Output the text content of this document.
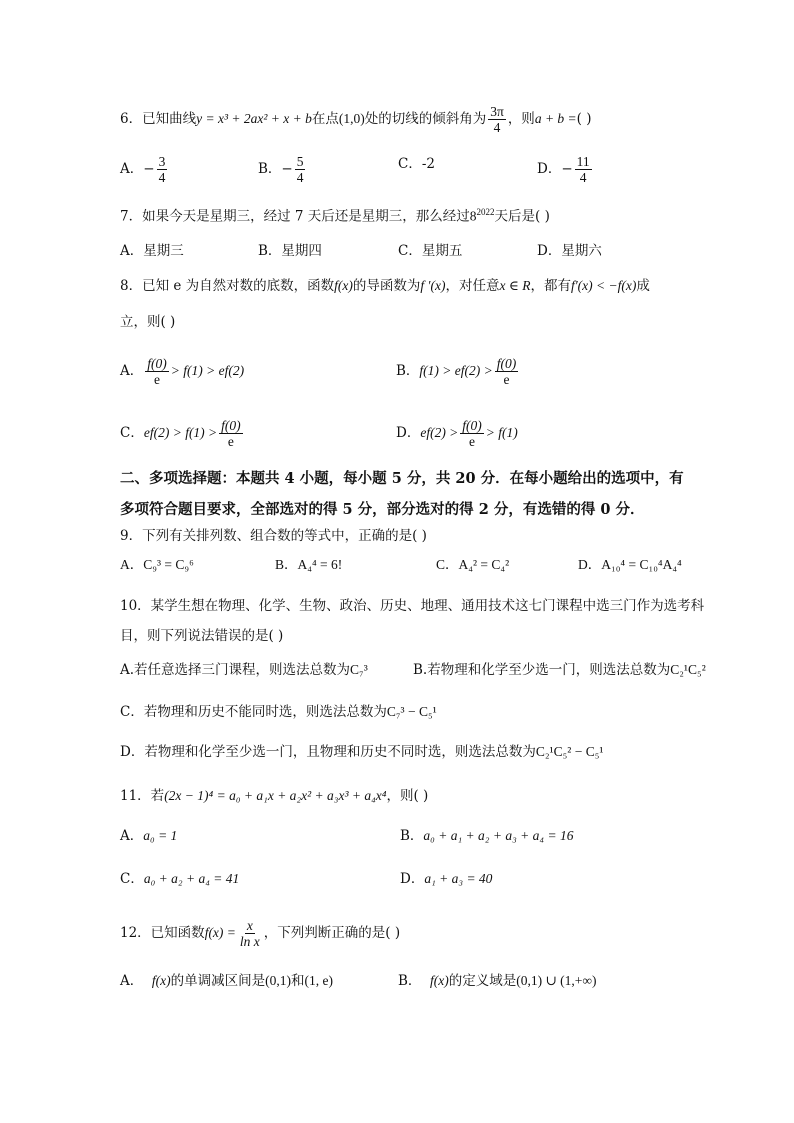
6．已知曲线y = x³ + 2ax² + x + b在点(1,0)处的切线的倾斜角为 $\frac{3\pi}{4}$ ，则a + b =( )
A．− $\frac{3}{4}$	B．− $\frac{5}{4}$	C．-2	D．− $\frac{11}{4}$
7．如果今天是星期三，经过 7 天后还是星期三，那么经过$8^{2022}$天后是( )
A．星期三	B．星期四	C．星期五	D．星期六
8．已知 e 为自然对数的底数，函数f(x)的导函数为f ′(x)，对任意x ∈ R，都有f′(x) < −f(x)成
立，则( )
A． $\frac{f(0)}{e} > f(1) > ef(2)$	B．$f(1) > ef(2) > \frac{f(0)}{e}$
C．$ef(2) > f(1) > \frac{f(0)}{e}$	D．$ef(2) > \frac{f(0)}{e} > f(1)$
二、多项选择题：本题共 4 小题，每小题 5 分，共 20 分．在每小题给出的选项中，有
多项符合题目要求，全部选对的得 5 分，部分选对的得 2 分，有选错的得 0 分．
9．下列有关排列数、组合数的等式中，正确的是( )
A．C₉³ = C₉⁶	B．A₄⁴ = 6!	C．A₄² = C₄²	D．A₁₀⁴ = C₁₀⁴A₄⁴
10．某学生想在物理、化学、生物、政治、历史、地理、通用技术这七门课程中选三门作为选考科
目，则下列说法错误的是( )
A.若任意选择三门课程，则选法总数为C₇³	B.若物理和化学至少选一门，则选法总数为C₂¹C₅²
C．若物理和历史不能同时选，则选法总数为C₇³ − C₅¹
D．若物理和化学至少选一门，且物理和历史不同时选，则选法总数为C₂¹C₅² − C₅¹
11．若(2x − 1)⁴ = a₀ + a₁x + a₂x² + a₃x³ + a₄x⁴，则( )
A．a₀ = 1	B．a₀ + a₁ + a₂ + a₃ + a₄ = 16
C．a₀ + a₂ + a₄ = 41	D．a₁ + a₃ = 40
12．已知函数$f(x) = \frac{x}{\text{ln x}}$ ，下列判断正确的是( )
A． f(x)的单调减区间是(0,1)和(1, e)	B． f(x)的定义域是(0,1) ∪ (1,+∞)
